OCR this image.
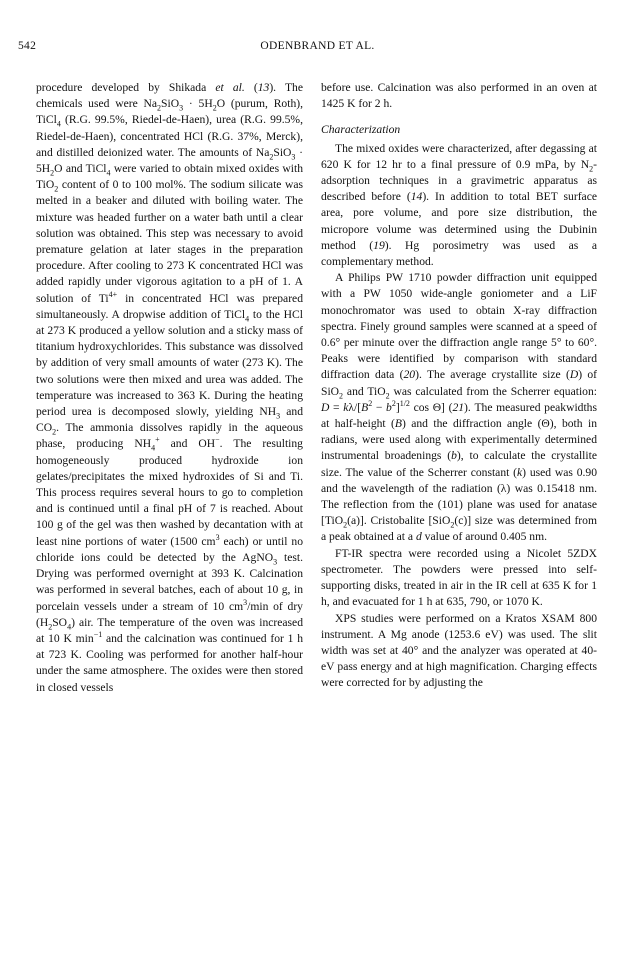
542	ODENBRAND ET AL.

procedure developed by Shikada et al. (13). The chemicals used were $Na_2SiO_3 \cdot 5H_2O$ (purum, Roth), TiCl$_4$ (R.G. 99.5%, Riedel-de-Haen), urea (R.G. 99.5%, Riedel-de-Haen), concentrated HCl (R.G. 37%, Merck), and distilled deionized water. The amounts of $Na_2SiO_3 \cdot 5H_2O$ and TiCl$_4$ were varied to obtain mixed oxides with TiO$_2$ content of 0 to 100 mol%. The sodium silicate was melted in a beaker and diluted with boiling water. The mixture was headed further on a water bath until a clear solution was obtained. This step was necessary to avoid premature gelation at later stages in the preparation procedure. After cooling to 273 K concentrated HCl was added rapidly under vigorous agitation to a pH of 1. A solution of $Ti^{4+}$ in concentrated HCl was prepared simultaneously. A dropwise addition of TiCl$_4$ to the HCl at 273 K produced a yellow solution and a sticky mass of titanium hydroxychlorides. This substance was dissolved by addition of very small amounts of water (273 K). The two solutions were then mixed and urea was added. The temperature was increased to 363 K. During the heating period urea is decomposed slowly, yielding $NH_3$ and $CO_2$. The ammonia dissolves rapidly in the aqueous phase, producing $NH_4^+$ and OH−. The resulting homogeneously produced hydroxide ion gelates/precipitates the mixed hydroxides of Si and Ti. This process requires several hours to go to completion and is continued until a final pH of 7 is reached. About 100 g of the gel was then washed by decantation with at least nine portions of water (1500 $cm^3$ each) or until no chloride ions could be detected by the AgNO$_3$ test. Drying was performed overnight at 393 K. Calcination was performed in several batches, each of about 10 g, in porcelain vessels under a stream of 10 $cm^3/\min$ of dry $(H_2SO_4)$ air. The temperature of the oven was increased at 10 K $\min^{-1}$ and the calcination was continued for 1 h at 723 K. Cooling was performed for another half-hour under the same atmosphere. The oxides were then stored in closed vessels

before use. Calcination was also performed in an oven at 1425 K for 2 h.

Characterization

The mixed oxides were characterized, after degassing at 620 K for 12 hr to a final pressure of 0.9 mPa, by $N_2$-adsorption techniques in a gravimetric apparatus as described before (14). In addition to total BET surface area, pore volume, and pore size distribution, the micropore volume was determined using the Dubinin method (19). Hg porosimetry was used as a complementary method.

A Philips PW 1710 powder diffraction unit equipped with a PW 1050 wide-angle goniometer and a LiF monochromator was used to obtain X-ray diffraction spectra. Finely ground samples were scanned at a speed of 0.6° per minute over the diffraction angle range 5° to 60°. Peaks were identified by comparison with standard diffraction data (20). The average crystallite size (D) of SiO$_2$ and TiO$_2$ was calculated from the Scherrer equation: $D = k\lambda/[B^2 - b^2]^{1/2}$ cos Θ] (21). The measured peakwidths at half-height (B) and the diffraction angle (Θ), both in radians, were used along with experimentally determined instrumental broadenings (b), to calculate the crystallite size. The value of the Scherrer constant (k) used was 0.90 and the wavelength of the radiation (λ) was 0.15418 nm. The reflection from the (101) plane was used for anatase [TiO$_2$(a)]. Cristobalite [SiO$_2$(c)] size was determined from a peak obtained at a d value of around 0.405 nm.

FT-IR spectra were recorded using a Nicolet 5ZDX spectrometer. The powders were pressed into self-supporting disks, treated in air in the IR cell at 635 K for 1 h, and evacuated for 1 h at 635, 790, or 1070 K.

XPS studies were performed on a Kratos XSAM 800 instrument. A Mg anode (1253.6 eV) was used. The slit width was set at 40° and the analyzer was operated at 40-eV pass energy and at high magnification. Charging effects were corrected for by adjusting the
